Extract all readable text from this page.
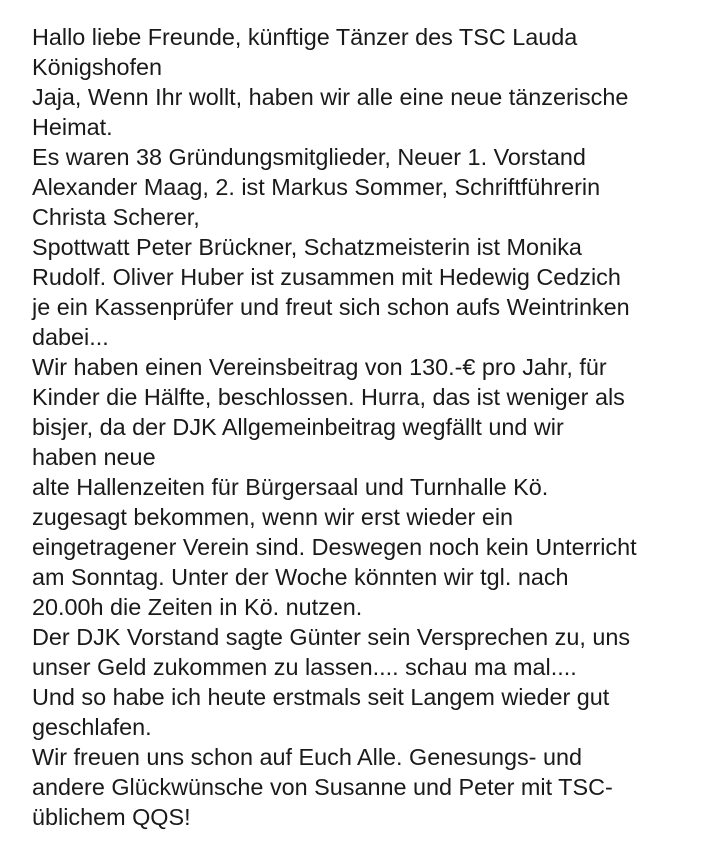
Hallo liebe Freunde, künftige Tänzer des TSC Lauda
Königshofen
Jaja, Wenn Ihr wollt, haben wir alle eine neue tänzerische
Heimat.
Es waren 38 Gründungsmitglieder, Neuer 1. Vorstand
Alexander Maag, 2. ist Markus Sommer, Schriftführerin
Christa Scherer,
Spottwatt Peter Brückner, Schatzmeisterin ist Monika
Rudolf. Oliver Huber ist zusammen mit Hedewig Cedzich
je ein Kassenprüfer und freut sich schon aufs Weintrinken
dabei...
Wir haben einen Vereinsbeitrag von 130.-€ pro Jahr, für
Kinder die Hälfte, beschlossen. Hurra, das ist weniger als
bisjer, da der DJK Allgemeinbeitrag wegfällt und wir
haben neue
alte Hallenzeiten für Bürgersaal und Turnhalle Kö.
zugesagt bekommen, wenn wir erst wieder ein
eingetragener Verein sind. Deswegen noch kein Unterricht
am Sonntag. Unter der Woche könnten wir tgl. nach
20.00h die Zeiten in Kö. nutzen.
Der DJK Vorstand sagte Günter sein Versprechen zu, uns
unser Geld zukommen zu lassen.... schau ma mal....
Und so habe ich heute erstmals seit Langem wieder gut
geschlafen.
Wir freuen uns schon auf Euch Alle. Genesungs- und
andere Glückwünsche von Susanne und Peter mit TSC-
üblichem QQS!
